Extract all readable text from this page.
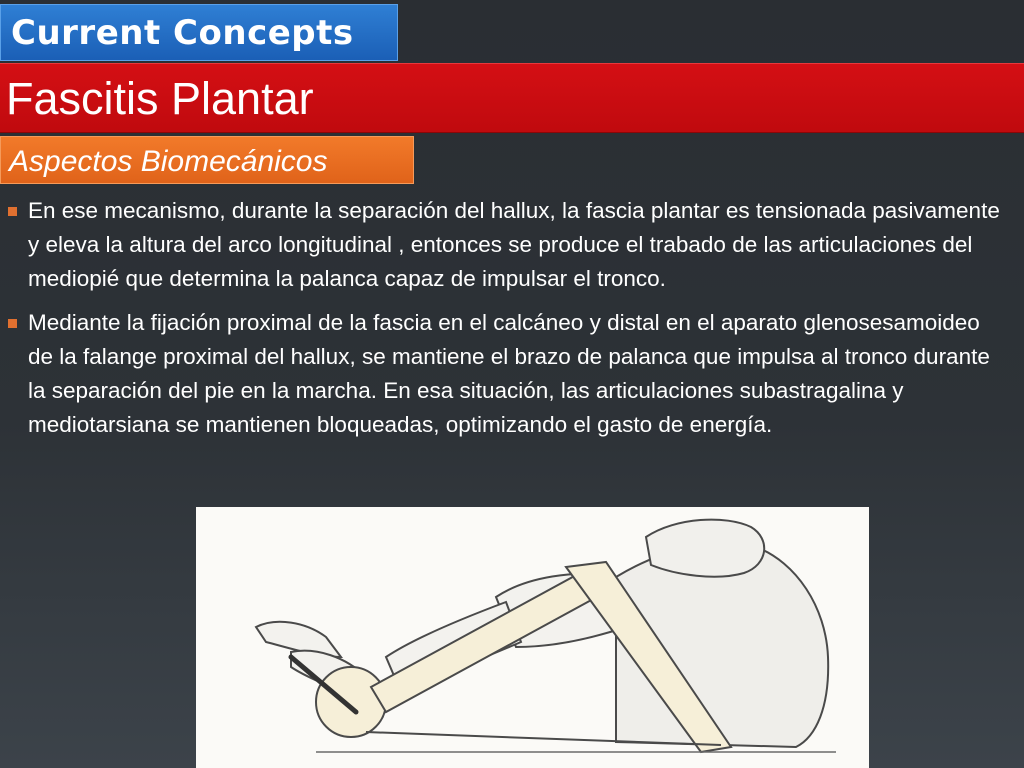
Current Concepts
Fascitis Plantar
Aspectos Biomecánicos
En ese mecanismo, durante la separación del hallux, la fascia plantar es tensionada pasivamente y eleva la altura del arco longitudinal , entonces se produce el trabado de las articulaciones del mediopié que determina la palanca capaz de impulsar el tronco.
Mediante la fijación proximal de la fascia en el calcáneo y distal en el aparato glenosesamoideo de la falange proximal del hallux, se mantiene el brazo de palanca que impulsa al tronco durante la separación del pie en la marcha. En esa situación, las articulaciones subastragalina y mediotarsiana se mantienen bloqueadas, optimizando el gasto de energía.
